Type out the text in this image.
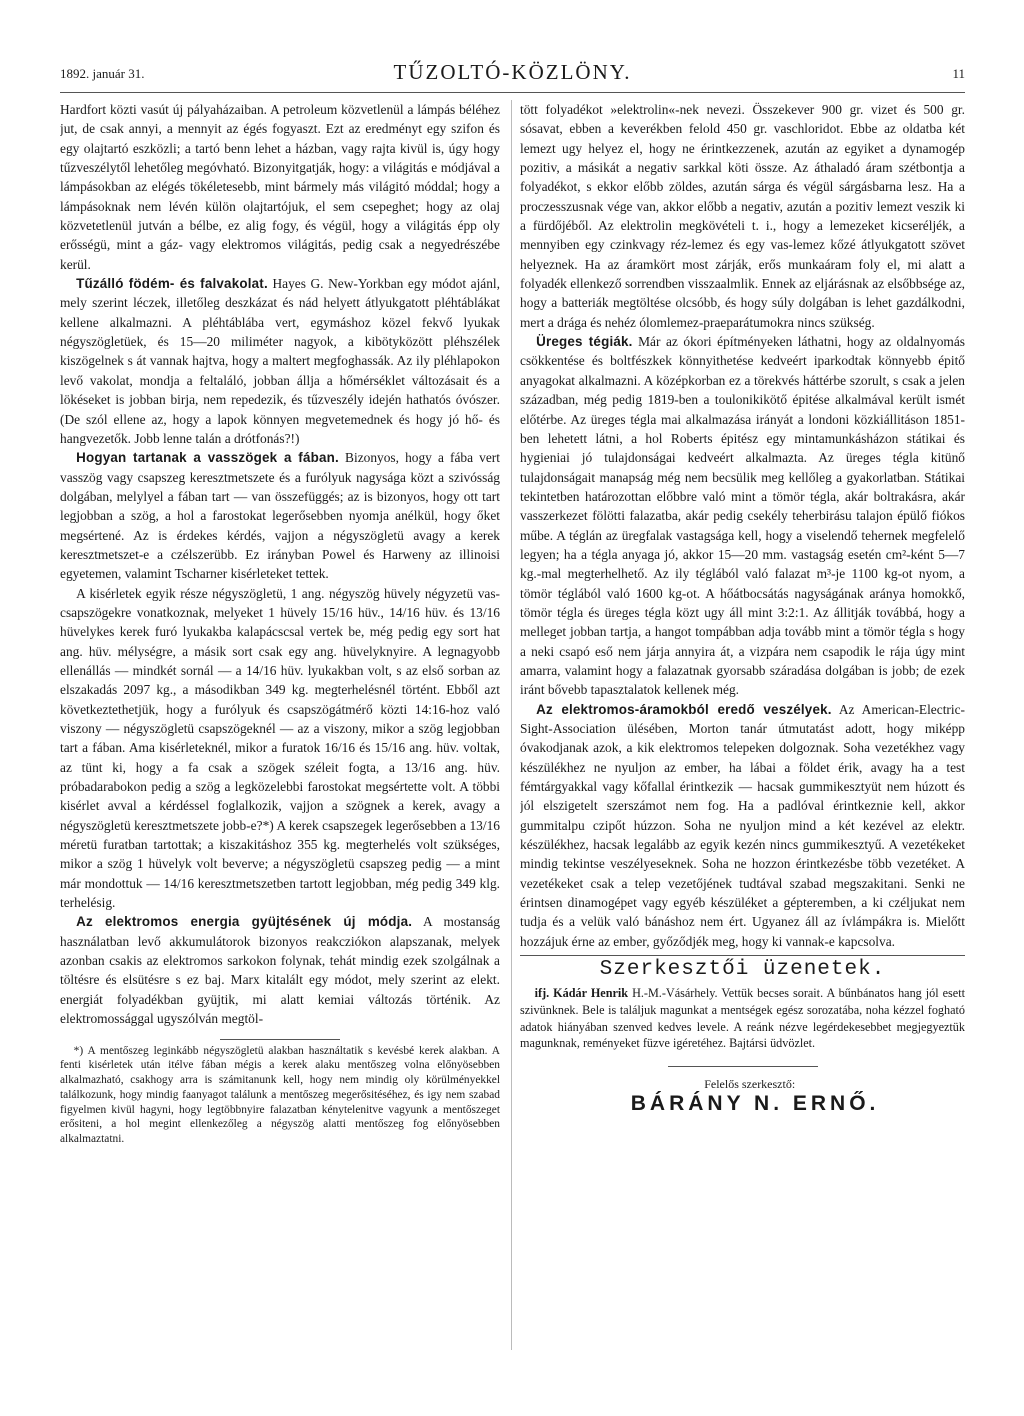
1892. január 31.	TŰZOLTÓ-KÖZLÖNY.	11

Hardfort közti vasút új pályaházaiban. A petroleum közvetlenül a lámpás béléhez jut, de csak annyi, a mennyit az égés fogyaszt. Ezt az eredményt egy szifon és egy olajtartó eszközli; a tartó benn lehet a házban, vagy rajta kivül is, úgy hogy tűzveszélytől lehetőleg megóvható. Bizonyitgatják, hogy: a világitás e módjával a lámpásokban az elégés tökéletesebb, mint bármely más világitó móddal; hogy a lámpásoknak nem lévén külön olajtartójuk, el sem csepeghet; hogy az olaj közvetetlenül jutván a bélbe, ez alig fogy, és végül, hogy a világitás épp oly erősségü, mint a gáz- vagy elektromos világitás, pedig csak a negyedrészébe kerül.

Tűzálló födém- és falvakolat. Hayes G. New-Yorkban egy módot ajánl, mely szerint léczek, illetőleg deszkázat és nád helyett átlyukgatott pléhtáblákat kellene alkalmazni. A pléhtáblába vert, egymáshoz közel fekvő lyukak négyszögletüek, és 15—20 miliméter nagyok, a kibötyközött pléhszélek kiszögelnek s át vannak hajtva, hogy a maltert megfoghassák. Az ily pléhlapokon levő vakolat, mondja a feltaláló, jobban állja a hőmérséklet változásait és a lökéseket is jobban birja, nem repedezik, és tűzveszély idején hathatós óvószer. (De szól ellene az, hogy a lapok könnyen megvetemednek és hogy jó hő- és hangvezetők. Jobb lenne talán a drótfonás?!)

Hogyan tartanak a vasszögek a fában. Bizonyos, hogy a fába vert vasszög vagy csapszeg keresztmetszete és a furólyuk nagysága közt a szivósság dolgában, melylyel a fában tart — van összefüggés; az is bizonyos, hogy ott tart legjobban a szög, a hol a farostokat legerősebben nyomja anélkül, hogy őket megsértené. Az is érdekes kérdés, vajjon a négyszögletü avagy a kerek keresztmetszet-e a czélszerübb. Ez irányban Powel és Harweny az illinoisi egyetemen, valamint Tscharner kisérleteket tettek.

A kisérletek egyik része négyszögletü, 1 ang. négyszög hüvely négyzetü vas-csapszögekre vonatkoznak, melyeket 1 hüvely 15/16 hüv., 14/16 hüv. és 13/16 hüvelykes kerek furó lyukakba kalapácscsal vertek be, még pedig egy sort hat ang. hüv. mélységre, a másik sort csak egy ang. hüvelyknyire. A legnagyobb ellenállás — mindkét sornál — a 14/16 hüv. lyukakban volt, s az első sorban az elszakadás 2097 kg., a másodikban 349 kg. megterhelésnél történt. Ebből azt következtethetjük, hogy a furólyuk és csapszögátmérő közti 14:16-hoz való viszony — négyszögletü csapszögeknél — az a viszony, mikor a szög legjobban tart a fában. Ama kisérleteknél, mikor a furatok 16/16 és 15/16 ang. hüv. voltak, az tünt ki, hogy a fa csak a szögek széleit fogta, a 13/16 ang. hüv. próbadarabokon pedig a szög a legközelebbi farostokat megsértette volt. A többi kisérlet avval a kérdéssel foglalkozik, vajjon a szögnek a kerek, avagy a négyszögletü keresztmetszete jobb-e?*) A kerek csapszegek legerősebben a 13/16 méretü furatban tartottak; a kiszakitáshoz 355 kg. megterhelés volt szükséges, mikor a szög 1 hüvelyk volt beverve; a négyszögletü csapszeg pedig — a mint már mondottuk — 14/16 keresztmetszetben tartott legjobban, még pedig 349 klg. terhelésig.

Az elektromos energia gyüjtésének új módja. A mostanság használatban levő akkumulátorok bizonyos reakcziókon alapszanak, melyek azonban csakis az elektromos sarkokon folynak, tehát mindig ezek szolgálnak a töltésre és elsütésre s ez baj. Marx kitalált egy módot, mely szerint az elekt. energiát folyadékban gyüjtik, mi alatt kemiai változás történik. Az elektromossággal ugyszólván megtöl-

*) A mentőszeg leginkább négyszögletü alakban használtatik s kevésbé kerek alakban. A fenti kisérletek után itélve fában mégis a kerek alaku mentőszeg volna előnyösebben alkalmazható, csakhogy arra is számitanunk kell, hogy nem mindig oly körülményekkel találkozunk, hogy mindig faanyagot találunk a mentőszeg megerősitéséhez, és igy nem szabad figyelmen kivül hagyni, hogy legtöbbnyire falazatban kénytelenitve vagyunk a mentőszeget erősiteni, a hol megint ellenkezőleg a négyszög alatti mentőszeg fog előnyösebben alkalmaztatni.

tött folyadékot »elektrolin«-nek nevezi. Összekever 900 gr. vizet és 500 gr. sósavat, ebben a keverékben felold 450 gr. vaschloridot. Ebbe az oldatba két lemezt ugy helyez el, hogy ne érintkezzenek, azután az egyiket a dynamogép pozitiv, a másikát a negativ sarkkal köti össze. Az áthaladó áram szétbontja a folyadékot, s ekkor előbb zöldes, azután sárga és végül sárgásbarna lesz. Ha a proczesszusnak vége van, akkor előbb a negativ, azután a pozitiv lemezt veszik ki a fürdőjéből. Az elektrolin megkövételi t. i., hogy a lemezeket kicseréljék, a mennyiben egy czinkvagy réz-lemez és egy vas-lemez kőzé átlyukgatott szövet helyeznek. Ha az áramkört most zárják, erős munkaáram foly el, mi alatt a folyadék ellenkező sorrendben visszaalmlik. Ennek az eljárásnak az elsőbbsége az, hogy a batteriák megtöltése olcsóbb, és hogy súly dolgában is lehet gazdálkodni, mert a drága és nehéz ólomlemez-praeparátumokra nincs szükség.

Üreges tégiák. Már az ókori építményeken láthatni, hogy az oldalnyomás csökkentése és boltfészkek könnyithetése kedveért iparkodtak könnyebb épitő anyagokat alkalmazni. A középkorban ez a törekvés háttérbe szorult, s csak a jelen században, még pedig 1819-ben a toulonikikötő épitése alkalmával került ismét előtérbe. Az üreges tégla mai alkalmazása irányát a londoni közkiállitáson 1851-ben lehetett látni, a hol Roberts épitész egy mintamunkásházon státikai és hygieniai jó tulajdonságai kedveért alkalmazta. Az üreges tégla kitünő tulajdonságait manapság még nem becsülik meg kellőleg a gyakorlatban. Státikai tekintetben határozottan előbbre való mint a tömör tégla, akár boltrakásra, akár vasszerkezet fölötti falazatba, akár pedig csekély teherbirásu talajon épülő fiókos műbe. A téglán az üregfalak vastagsága kell, hogy a viselendő tehernek megfelelő legyen; ha a tégla anyaga jó, akkor 15—20 mm. vastagság esetén cm²-ként 5—7 kg.-mal megterhelhető. Az ily téglából való falazat m³-je 1100 kg-ot nyom, a tömör téglából való 1600 kg-ot. A hőátbocsátás nagyságának aránya homokkő, tömör tégla és üreges tégla közt ugy áll mint 3:2:1. Az állitják továbbá, hogy a melleget jobban tartja, a hangot tompábban adja tovább mint a tömör tégla s hogy a neki csapó eső nem járja annyira át, a vizpára nem csapodik le rája úgy mint amarra, valamint hogy a falazatnak gyorsabb száradása dolgában is jobb; de ezek iránt bővebb tapasztalatok kellenek még.

Az elektromos-áramokból eredő veszélyek. Az American-Electric-Sight-Association ülésében, Morton tanár útmutatást adott, hogy miképp óvakodjanak azok, a kik elektromos telepeken dolgoznak. Soha vezetékhez vagy készülékhez ne nyuljon az ember, ha lábai a földet érik, avagy ha a test fémtárgyakkal vagy kőfallal érintkezik — hacsak gummikesztyüt nem húzott és jól elszigetelt szerszámot nem fog. Ha a padlóval érintkeznie kell, akkor gummitalpu czipőt húzzon. Soha ne nyuljon mind a két kezével az elektr. készülékhez, hacsak legalább az egyik kezén nincs gummikesztyű. A vezetékeket mindig tekintse veszélyeseknek. Soha ne hozzon érintkezésbe több vezetéket. A vezetékeket csak a telep vezetőjének tudtával szabad megszakitani. Senki ne érintsen dinamogépet vagy egyéb készüléket a gépteremben, a ki czéljukat nem tudja és a velük való bánáshoz nem ért. Ugyanez áll az ívlámpákra is. Mielőtt hozzájuk érne az ember, győződjék meg, hogy ki vannak-e kapcsolva.

Szerkesztői üzenetek.

ifj. Kádár Henrik H.-M.-Vásárhely. Vettük becses sorait. A bűnbánatos hang jól esett szivünknek. Bele is találjuk magunkat a mentségek egész sorozatába, noha kézzel fogható adatok hiányában szenved kedves levele. A reánk nézve legérdekesebbet megjegyeztük magunknak, reményeket füzve igéretéhez. Bajtársi üdvözlet.

Felelős szerkesztő:

BÁRÁNY N. ERNŐ.
